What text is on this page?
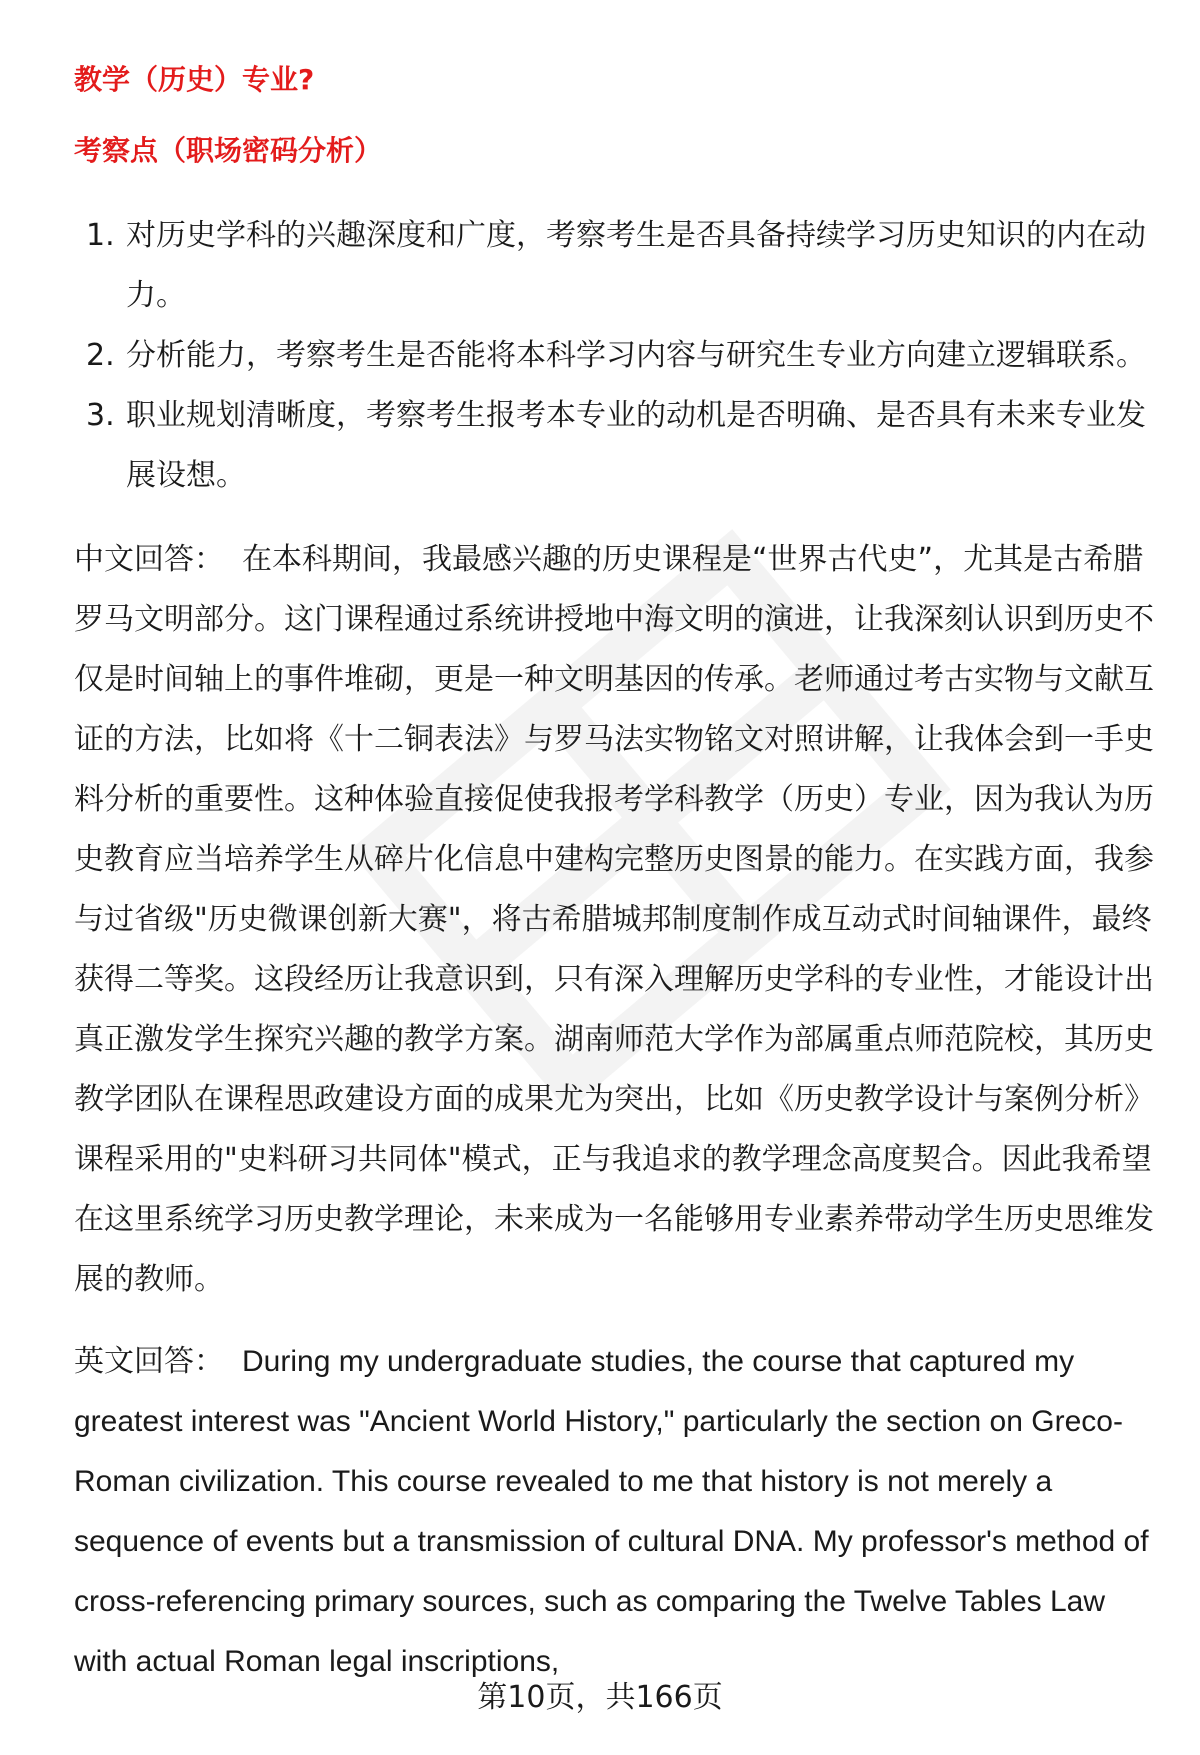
教学（历史）专业?
考察点（职场密码分析）
1. 对历史学科的兴趣深度和广度，考察考生是否具备持续学习历史知识的内在动力。
2. 分析能力，考察考生是否能将本科学习内容与研究生专业方向建立逻辑联系。
3. 职业规划清晰度，考察考生报考本专业的动机是否明确、是否具有未来专业发展设想。

中文回答： 在本科期间，我最感兴趣的历史课程是“世界古代史”，尤其是古希腊罗马文明部分。这门课程通过系统讲授地中海文明的演进，让我深刻认识到历史不仅是时间轴上的事件堆砌，更是一种文明基因的传承。老师通过考古实物与文献互证的方法，比如将《十二铜表法》与罗马法实物铭文对照讲解，让我体会到一手史料分析的重要性。这种体验直接促使我报考学科教学（历史）专业，因为我认为历史教育应当培养学生从碎片化信息中建构完整历史图景的能力。在实践方面，我参与过省级"历史微课创新大赛"，将古希腊城邦制度制作成互动式时间轴课件，最终获得二等奖。这段经历让我意识到，只有深入理解历史学科的专业性，才能设计出真正激发学生探究兴趣的教学方案。湖南师范大学作为部属重点师范院校，其历史教学团队在课程思政建设方面的成果尤为突出，比如《历史教学设计与案例分析》课程采用的"史料研习共同体"模式，正与我追求的教学理念高度契合。因此我希望在这里系统学习历史教学理论，未来成为一名能够用专业素养带动学生历史思维发展的教师。

英文回答： During my undergraduate studies, the course that captured my greatest interest was "Ancient World History," particularly the section on Greco-Roman civilization. This course revealed to me that history is not merely a sequence of events but a transmission of cultural DNA. My professor's method of cross-referencing primary sources, such as comparing the Twelve Tables Law with actual Roman legal inscriptions,

第10页，共166页
